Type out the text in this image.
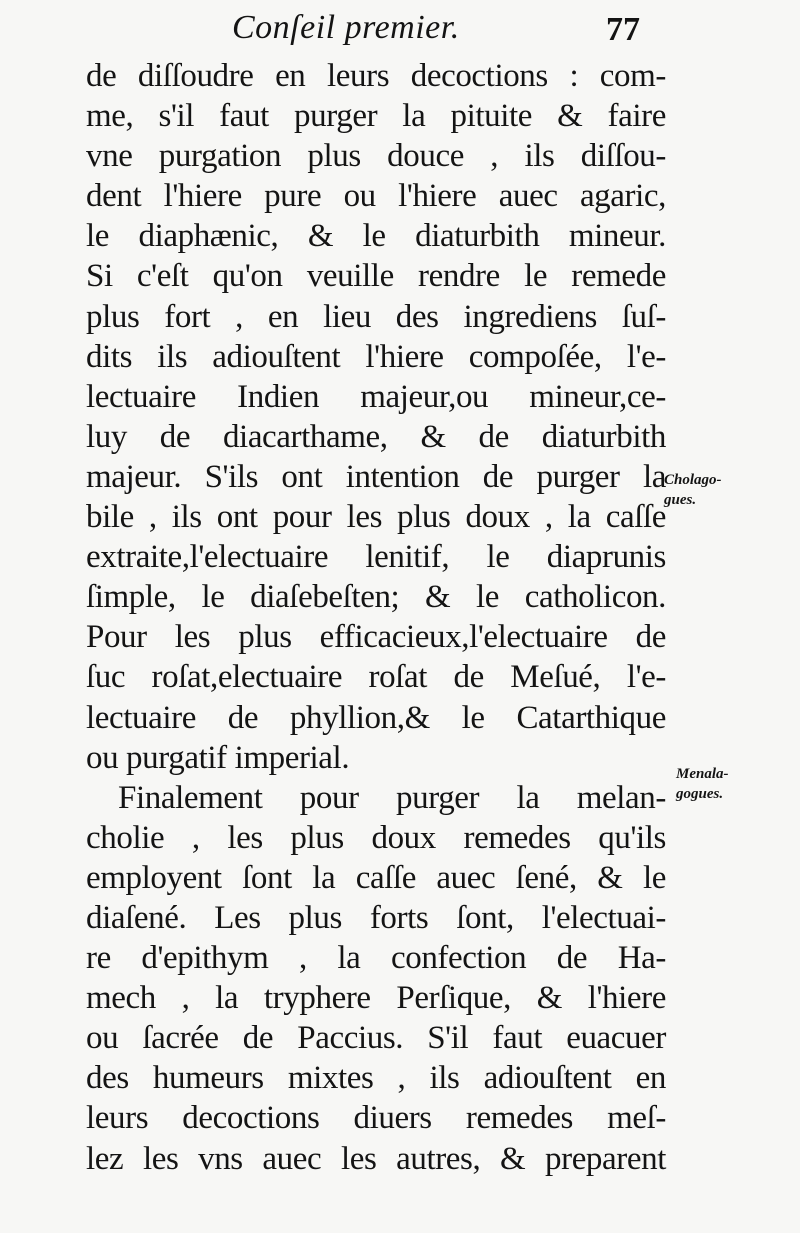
Conſeil premier.	77
de diſſoudre en leurs decoctions : com-
me, s'il faut purger la pituite & faire
vne purgation plus douce , ils diſſou-
dent l'hiere pure ou l'hiere auec agaric,
le diaphænic, & le diaturbith mineur.
Si c'eſt qu'on veuille rendre le remede
plus fort , en lieu des ingrediens ſuſ-
dits ils adiouſtent l'hiere compoſée, l'e-
lectuaire Indien majeur,ou mineur,ce-
luy de diacarthame, & de diaturbith
majeur. S'ils ont intention de purger la
bile , ils ont pour les plus doux , la caſſe
extraite,l'electuaire lenitif, le diaprunis
ſimple, le diaſebeſten; & le catholicon.
Pour les plus efficacieux,l'electuaire de
ſuc roſat,electuaire roſat de Meſué, l'e-
lectuaire de phyllion,& le Catarthique
ou purgatif imperial.
Finalement pour purger la melan-
cholie , les plus doux remedes qu'ils
employent ſont la caſſe auec ſené, & le
diaſené. Les plus forts ſont, l'electuai-
re d'epithym , la confection de Ha-
mech , la tryphere Perſique, & l'hiere
ou ſacrée de Paccius. S'il faut euacuer
des humeurs mixtes , ils adiouſtent en
leurs decoctions diuers remedes meſ-
lez les vns auec les autres, & preparent
Cholago-
gues.
Menala-
gogues.
